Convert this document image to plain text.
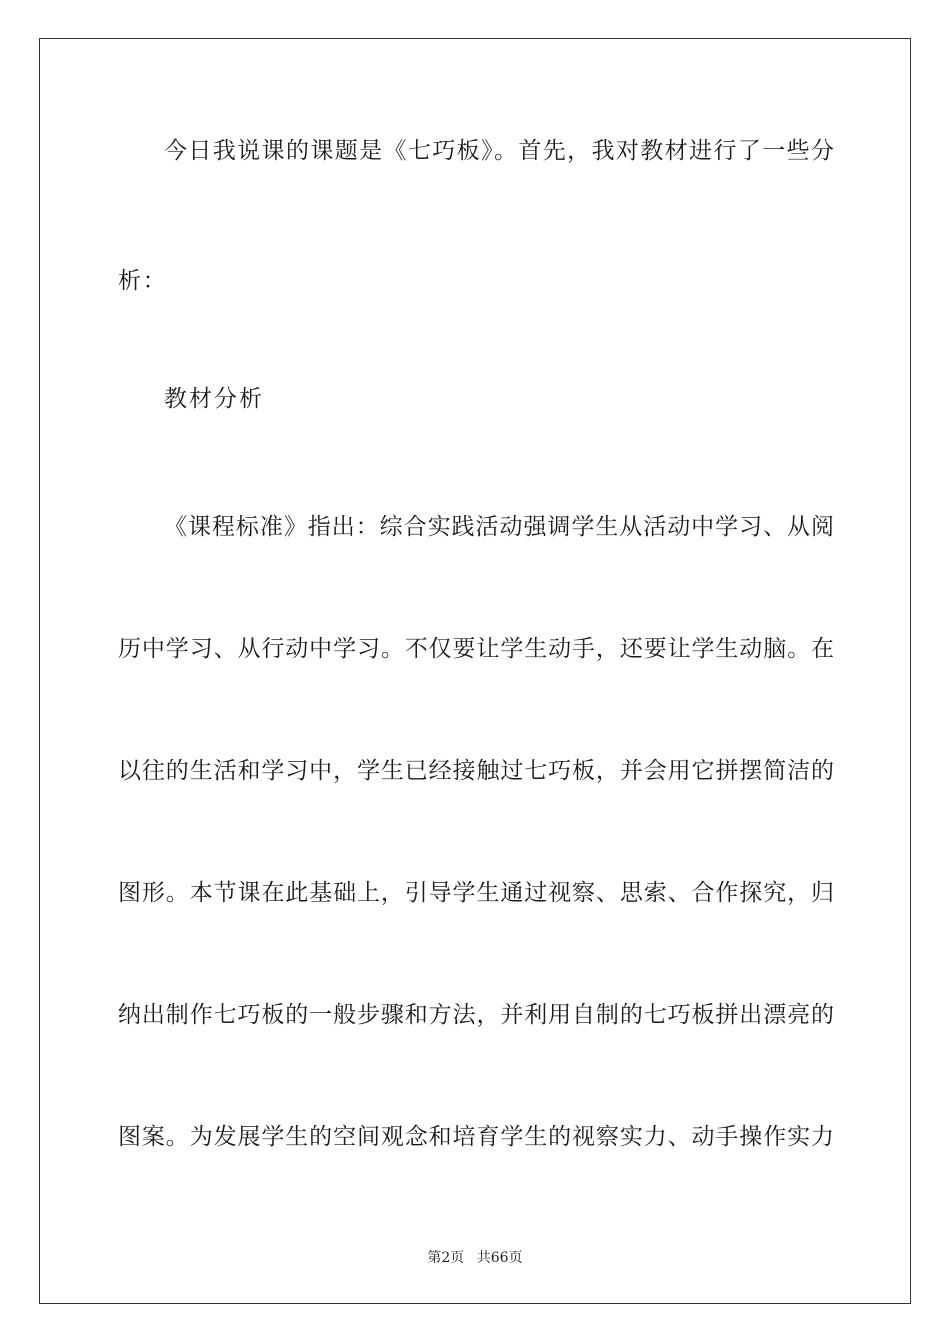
今日我说课的课题是《七巧板》。首先，我对教材进行了一些分
析：
教材分析
《课程标准》指出：综合实践活动强调学生从活动中学习、从阅
历中学习、从行动中学习。不仅要让学生动手，还要让学生动脑。在
以往的生活和学习中，学生已经接触过七巧板，并会用它拼摆简洁的
图形。本节课在此基础上，引导学生通过视察、思索、合作探究，归
纳出制作七巧板的一般步骤和方法，并利用自制的七巧板拼出漂亮的
图案。为发展学生的空间观念和培育学生的视察实力、动手操作实力
第2页 共66页
